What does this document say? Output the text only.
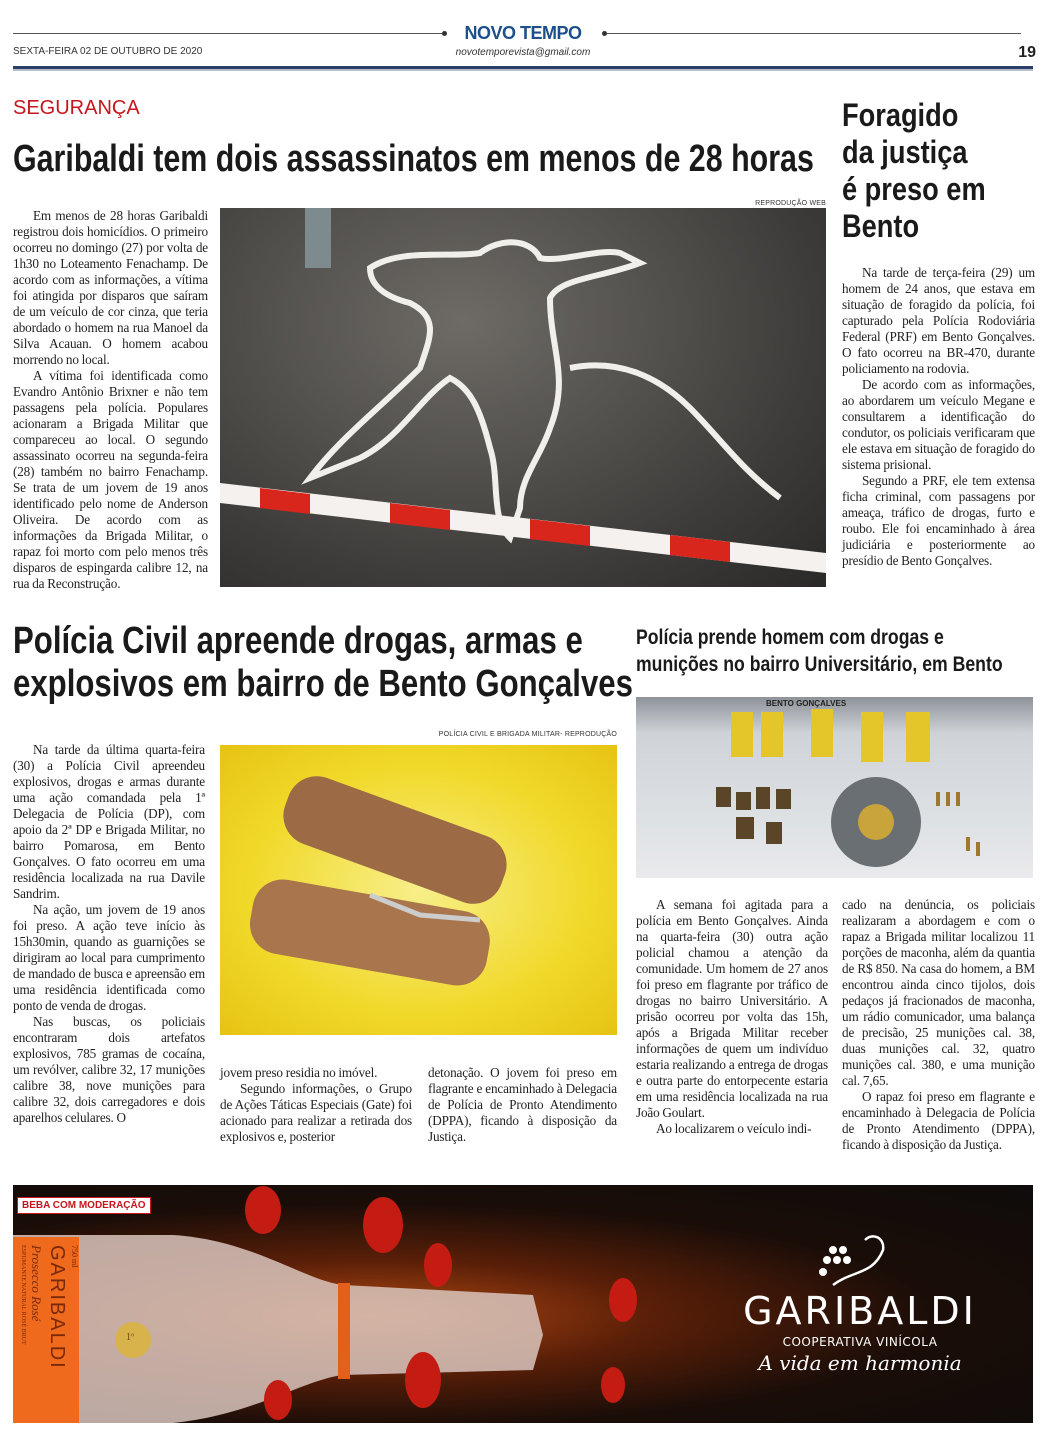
NOVO TEMPO
SEXTA-FEIRA 02 DE OUTUBRO DE 2020	novotemporevista@gmail.com	19
SEGURANÇA
Garibaldi tem dois assassinatos em menos de 28 horas

Em menos de 28 horas Garibaldi registrou dois homicídios. O primeiro ocorreu no domingo (27) por volta de 1h30 no Loteamento Fenachamp. De acordo com as informações, a vítima foi atingida por disparos que saíram de um veículo de cor cinza, que teria abordado o homem na rua Manoel da Silva Acauan. O homem acabou morrendo no local.

A vítima foi identificada como Evandro Antônio Brixner e não tem passagens pela polícia. Populares acionaram a Brigada Militar que compareceu ao local. O segundo assassinato ocorreu na segunda-feira (28) também no bairro Fenachamp. Se trata de um jovem de 19 anos identificado pelo nome de Anderson Oliveira. De acordo com as informações da Brigada Militar, o rapaz foi morto com pelo menos três disparos de espingarda calibre 12, na rua da Reconstrução.

REPRODUÇÃO WEB
Foragido
da justiça
é preso em
Bento

Na tarde de terça-feira (29) um homem de 24 anos, que estava em situação de foragido da polícia, foi capturado pela Polícia Rodoviária Federal (PRF) em Bento Gonçalves. O fato ocorreu na BR-470, durante policiamento na rodovia.

De acordo com as informações, ao abordarem um veículo Megane e consultarem a identificação do condutor, os policiais verificaram que ele estava em situação de foragido do sistema prisional.

Segundo a PRF, ele tem extensa ficha criminal, com passagens por ameaça, tráfico de drogas, furto e roubo. Ele foi encaminhado à área judiciária e posteriormente ao presídio de Bento Gonçalves.

Polícia Civil apreende drogas, armas e
explosivos em bairro de Bento Gonçalves
POLÍCIA CIVIL E BRIGADA MILITAR- REPRODUÇÃO

Na tarde da última quarta-feira (30) a Polícia Civil apreendeu explosivos, drogas e armas durante uma ação comandada pela 1ª Delegacia de Polícia (DP), com apoio da 2ª DP e Brigada Militar, no bairro Pomarosa, em Bento Gonçalves. O fato ocorreu em uma residência localizada na rua Davile Sandrim.

Na ação, um jovem de 19 anos foi preso. A ação teve início às 15h30min, quando as guarnições se dirigiram ao local para cumprimento de mandado de busca e apreensão em uma residência identificada como ponto de venda de drogas.

Nas buscas, os policiais encontraram dois artefatos explosivos, 785 gramas de cocaína, um revólver, calibre 32, 17 munições calibre 38, nove munições para calibre 32, dois carregadores e dois aparelhos celulares. O

jovem preso residia no imóvel.

Segundo informações, o Grupo de Ações Táticas Especiais (Gate) foi acionado para realizar a retirada dos explosivos e, posterior

detonação. O jovem foi preso em flagrante e encaminhado à Delegacia de Polícia de Pronto Atendimento (DPPA), ficando à disposição da Justiça.

Polícia prende homem com drogas e
munições no bairro Universitário, em Bento
BENTO GONÇALVES

A semana foi agitada para a polícia em Bento Gonçalves. Ainda na quarta-feira (30) outra ação policial chamou a atenção da comunidade. Um homem de 27 anos foi preso em flagrante por tráfico de drogas no bairro Universitário. A prisão ocorreu por volta das 15h, após a Brigada Militar receber informações de quem um indivíduo estaria realizando a entrega de drogas e outra parte do entorpecente estaria em uma residência localizada na rua João Goulart.

Ao localizarem o veículo indi-

cado na denúncia, os policiais realizaram a abordagem e com o rapaz a Brigada militar localizou 11 porções de maconha, além da quantia de R$ 850. Na casa do homem, a BM encontrou ainda cinco tijolos, dois pedaços já fracionados de maconha, um rádio comunicador, uma balança de precisão, 25 munições cal. 38, duas munições cal. 32, quatro munições cal. 380, e uma munição cal. 7,65.

O rapaz foi preso em flagrante e encaminhado à Delegacia de Polícia de Pronto Atendimento (DPPA), ficando à disposição da Justiça.

BEBA COM MODERAÇÃO
ESPUMANTE NATURAL ROSÉ BRUT Prosecco Rosé GARIBALDI 750 ml
1º
GARIBALDI
COOPERATIVA VINÍCOLA
A vida em harmonia
